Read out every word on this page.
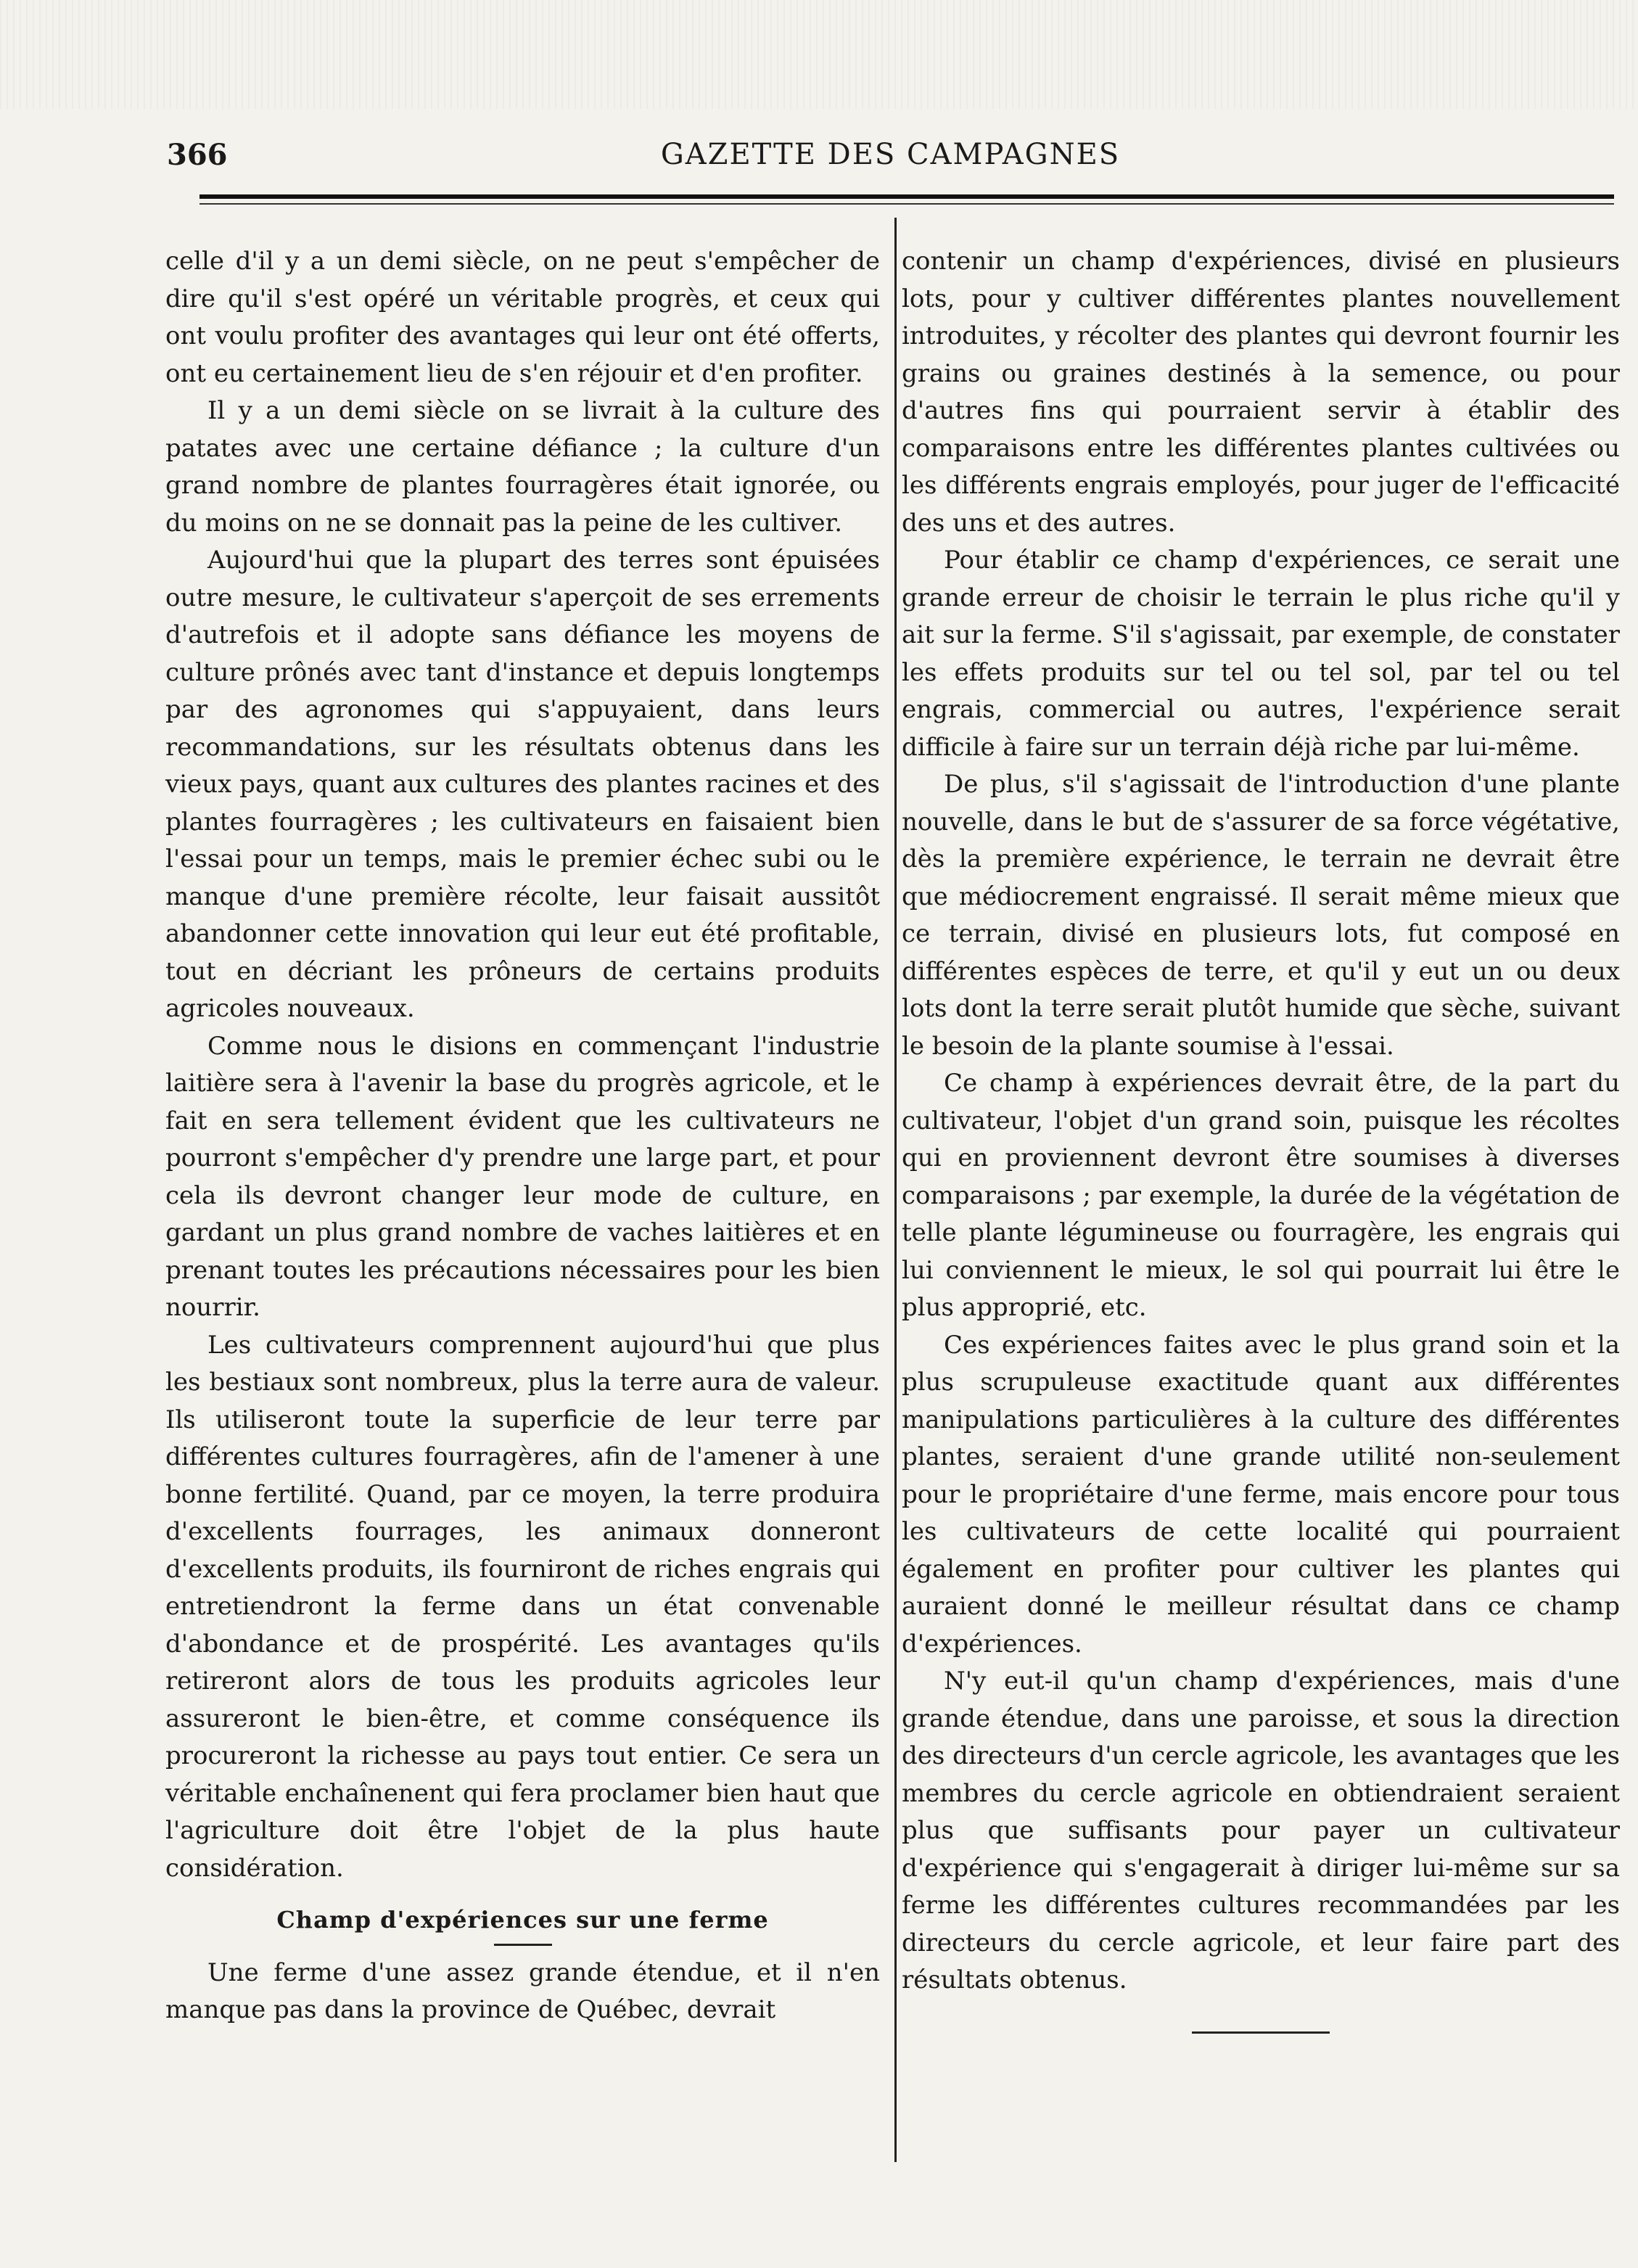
366	GAZETTE DES CAMPAGNES

celle d'il y a un demi siècle, on ne peut s'empêcher de dire qu'il s'est opéré un véritable progrès, et ceux qui ont voulu profiter des avantages qui leur ont été offerts, ont eu certainement lieu de s'en réjouir et d'en profiter.

Il y a un demi siècle on se livrait à la culture des patates avec une certaine défiance ; la culture d'un grand nombre de plantes fourragères était ignorée, ou du moins on ne se donnait pas la peine de les cultiver.

Aujourd'hui que la plupart des terres sont épuisées outre mesure, le cultivateur s'aperçoit de ses errements d'autrefois et il adopte sans défiance les moyens de culture prônés avec tant d'instance et depuis longtemps par des agronomes qui s'appuyaient, dans leurs recommandations, sur les résultats obtenus dans les vieux pays, quant aux cultures des plantes racines et des plantes fourragères ; les cultivateurs en faisaient bien l'essai pour un temps, mais le premier échec subi ou le manque d'une première récolte, leur faisait aussitôt abandonner cette innovation qui leur eut été profitable, tout en décriant les prôneurs de certains produits agricoles nouveaux.

Comme nous le disions en commençant l'industrie laitière sera à l'avenir la base du progrès agricole, et le fait en sera tellement évident que les cultivateurs ne pourront s'empêcher d'y prendre une large part, et pour cela ils devront changer leur mode de culture, en gardant un plus grand nombre de vaches laitières et en prenant toutes les précautions nécessaires pour les bien nourrir.

Les cultivateurs comprennent aujourd'hui que plus les bestiaux sont nombreux, plus la terre aura de valeur. Ils utiliseront toute la superficie de leur terre par différentes cultures fourragères, afin de l'amener à une bonne fertilité. Quand, par ce moyen, la terre produira d'excellents fourrages, les animaux donneront d'excellents produits, ils fourniront de riches engrais qui entretiendront la ferme dans un état convenable d'abondance et de prospérité. Les avantages qu'ils retireront alors de tous les produits agricoles leur assureront le bien-être, et comme conséquence ils procureront la richesse au pays tout entier. Ce sera un véritable enchaînenent qui fera proclamer bien haut que l'agriculture doit être l'objet de la plus haute considération.

Champ d'expériences sur une ferme

Une ferme d'une assez grande étendue, et il n'en manque pas dans la province de Québec, devrait

contenir un champ d'expériences, divisé en plusieurs lots, pour y cultiver différentes plantes nouvellement introduites, y récolter des plantes qui devront fournir les grains ou graines destinés à la semence, ou pour d'autres fins qui pourraient servir à établir des comparaisons entre les différentes plantes cultivées ou les différents engrais employés, pour juger de l'efficacité des uns et des autres.

Pour établir ce champ d'expériences, ce serait une grande erreur de choisir le terrain le plus riche qu'il y ait sur la ferme. S'il s'agissait, par exemple, de constater les effets produits sur tel ou tel sol, par tel ou tel engrais, commercial ou autres, l'expérience serait difficile à faire sur un terrain déjà riche par lui-même.

De plus, s'il s'agissait de l'introduction d'une plante nouvelle, dans le but de s'assurer de sa force végétative, dès la première expérience, le terrain ne devrait être que médiocrement engraissé. Il serait même mieux que ce terrain, divisé en plusieurs lots, fut composé en différentes espèces de terre, et qu'il y eut un ou deux lots dont la terre serait plutôt humide que sèche, suivant le besoin de la plante soumise à l'essai.

Ce champ à expériences devrait être, de la part du cultivateur, l'objet d'un grand soin, puisque les récoltes qui en proviennent devront être soumises à diverses comparaisons ; par exemple, la durée de la végétation de telle plante légumineuse ou fourragère, les engrais qui lui conviennent le mieux, le sol qui pourrait lui être le plus approprié, etc.

Ces expériences faites avec le plus grand soin et la plus scrupuleuse exactitude quant aux différentes manipulations particulières à la culture des différentes plantes, seraient d'une grande utilité non-seulement pour le propriétaire d'une ferme, mais encore pour tous les cultivateurs de cette localité qui pourraient également en profiter pour cultiver les plantes qui auraient donné le meilleur résultat dans ce champ d'expériences.

N'y eut-il qu'un champ d'expériences, mais d'une grande étendue, dans une paroisse, et sous la direction des directeurs d'un cercle agricole, les avantages que les membres du cercle agricole en obtiendraient seraient plus que suffisants pour payer un cultivateur d'expérience qui s'engagerait à diriger lui-même sur sa ferme les différentes cultures recommandées par les directeurs du cercle agricole, et leur faire part des résultats obtenus.
